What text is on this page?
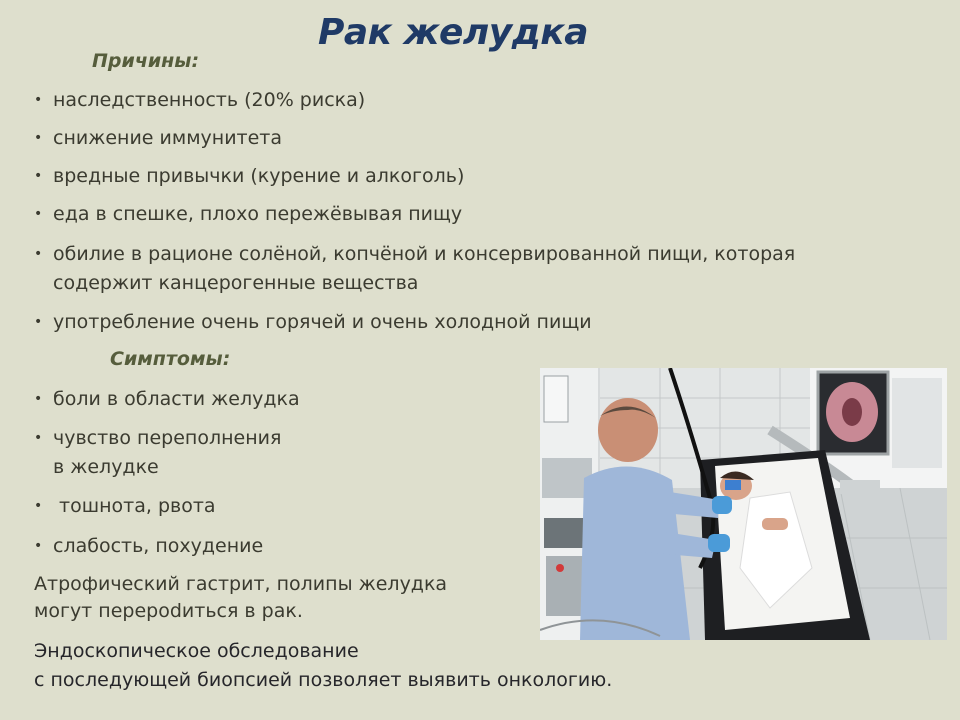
Рак желудка
Причины:
• наследственность (20% риска)
• снижение иммунитета
• вредные привычки (курение и алкоголь)
• еда в спешке, плохо пережёвывая пищу
• обилие в рационе солёной, копчёной и консервированной пищи, которая
содержит канцерогенные вещества
• употребление очень горячей и очень холодной пищи
Симптомы:
• боли в области желудка
• чувство переполнения
в желудке
• тошнота, рвота
• слабость, похудение
Атрофический гастрит, полипы желудка
могут перероdиться в рак.
Эндоскопическое обследование
с последующей биопсией позволяет выявить онкологию.
